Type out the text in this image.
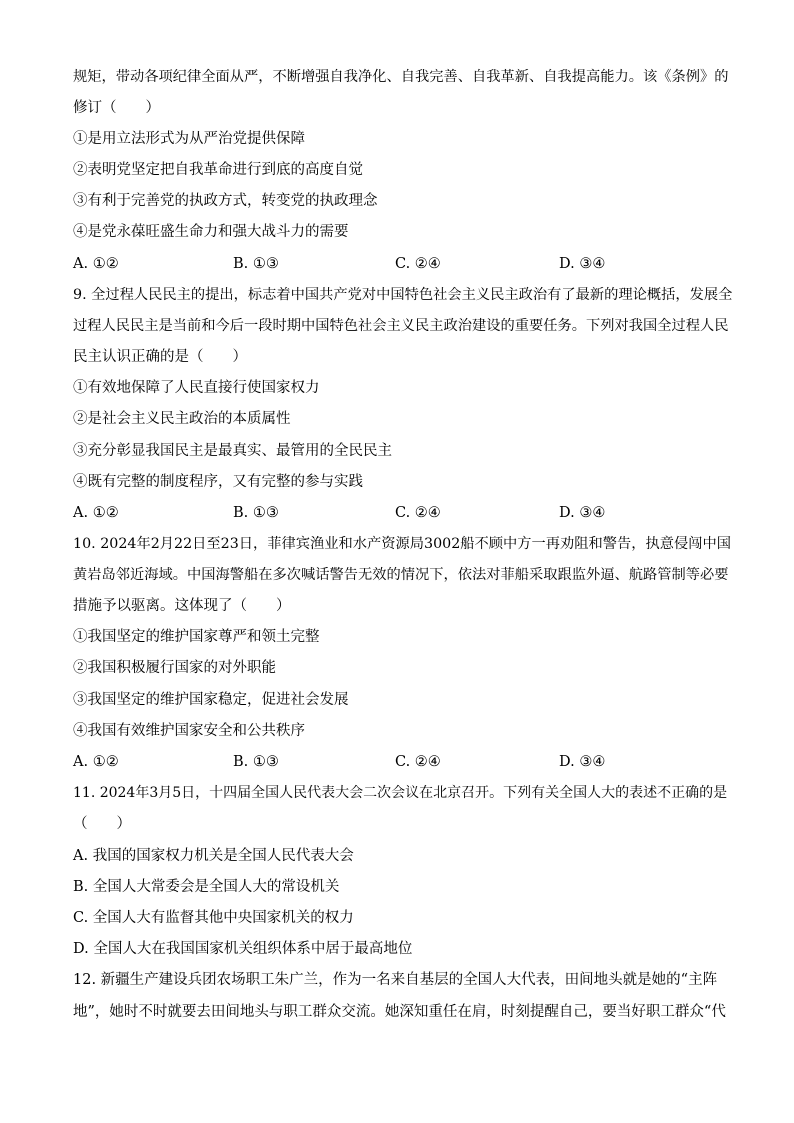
规矩，带动各项纪律全面从严，不断增强自我净化、自我完善、自我革新、自我提高能力。该《条例》的
修订（　　）
①是用立法形式为从严治党提供保障
②表明党坚定把自我革命进行到底的高度自觉
③有利于完善党的执政方式，转变党的执政理念
④是党永葆旺盛生命力和强大战斗力的需要
A. ①②	B. ①③	C. ②④	D. ③④
9. 全过程人民民主的提出，标志着中国共产党对中国特色社会主义民主政治有了最新的理论概括，发展全
过程人民民主是当前和今后一段时期中国特色社会主义民主政治建设的重要任务。下列对我国全过程人民
民主认识正确的是（　　）
①有效地保障了人民直接行使国家权力
②是社会主义民主政治的本质属性
③充分彰显我国民主是最真实、最管用的全民民主
④既有完整的制度程序，又有完整的参与实践
A. ①②	B. ①③	C. ②④	D. ③④
10. 2024年2月22日至23日，菲律宾渔业和水产资源局3002船不顾中方一再劝阻和警告，执意侵闯中国
黄岩岛邻近海域。中国海警船在多次喊话警告无效的情况下，依法对菲船采取跟监外逼、航路管制等必要
措施予以驱离。这体现了（　　）
①我国坚定的维护国家尊严和领土完整
②我国积极履行国家的对外职能
③我国坚定的维护国家稳定，促进社会发展
④我国有效维护国家安全和公共秩序
A. ①②	B. ①③	C. ②④	D. ③④
11. 2024年3月5日，十四届全国人民代表大会二次会议在北京召开。下列有关全国人大的表述不正确的是
（　　）
A. 我国的国家权力机关是全国人民代表大会
B. 全国人大常委会是全国人大的常设机关
C. 全国人大有监督其他中央国家机关的权力
D. 全国人大在我国国家机关组织体系中居于最高地位
12. 新疆生产建设兵团农场职工朱广兰，作为一名来自基层的全国人大代表，田间地头就是她的“主阵
地”，她时不时就要去田间地头与职工群众交流。她深知重任在肩，时刻提醒自己，要当好职工群众“代
